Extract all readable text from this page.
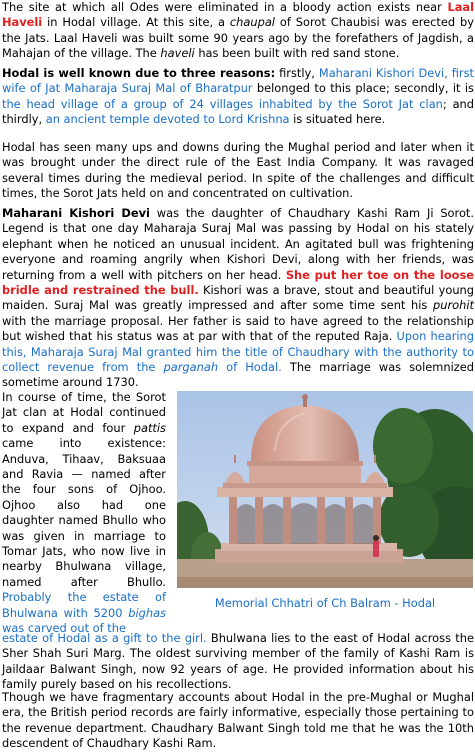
The site at which all Odes were eliminated in a bloody action exists near Laal Haveli in Hodal village. At this site, a chaupal of Sorot Chaubisi was erected by the Jats. Laal Haveli was built some 90 years ago by the forefathers of Jagdish, a Mahajan of the village. The haveli has been built with red sand stone.

Hodal is well known due to three reasons: firstly, Maharani Kishori Devi, first wife of Jat Maharaja Suraj Mal of Bharatpur belonged to this place; secondly, it is the head village of a group of 24 villages inhabited by the Sorot Jat clan; and thirdly, an ancient temple devoted to Lord Krishna is situated here.

Hodal has seen many ups and downs during the Mughal period and later when it was brought under the direct rule of the East India Company. It was ravaged several times during the medieval period. In spite of the challenges and difficult times, the Sorot Jats held on and concentrated on cultivation.

Maharani Kishori Devi was the daughter of Chaudhary Kashi Ram Ji Sorot. Legend is that one day Maharaja Suraj Mal was passing by Hodal on his stately elephant when he noticed an unusual incident. An agitated bull was frightening everyone and roaming angrily when Kishori Devi, along with her friends, was returning from a well with pitchers on her head. She put her toe on the loose bridle and restrained the bull. Kishori was a brave, stout and beautiful young maiden. Suraj Mal was greatly impressed and after some time sent his purohit with the marriage proposal. Her father is said to have agreed to the relationship but wished that his status was at par with that of the reputed Raja. Upon hearing this, Maharaja Suraj Mal granted him the title of Chaudhary with the authority to collect revenue from the parganah of Hodal. The marriage was solemnized sometime around 1730.

In course of time, the Sorot Jat clan at Hodal continued to expand and four pattis came into existence: Anduva, Tihaav, Baksuaa and Ravia — named after the four sons of Ojhoo. Ojhoo also had one daughter named Bhullo who was given in marriage to Tomar Jats, who now live in nearby Bhulwana village, named after Bhullo. Probably the estate of Bhulwana with 5200 bighas was carved out of the

Memorial Chhatri of Ch Balram - Hodal

estate of Hodal as a gift to the girl. Bhulwana lies to the east of Hodal across the Sher Shah Suri Marg. The oldest surviving member of the family of Kashi Ram is Jaildaar Balwant Singh, now 92 years of age. He provided information about his family purely based on his recollections.

Though we have fragmentary accounts about Hodal in the pre-Mughal or Mughal era, the British period records are fairly informative, especially those pertaining to the revenue department. Chaudhary Balwant Singh told me that he was the 10th descendent of Chaudhary Kashi Ram.
